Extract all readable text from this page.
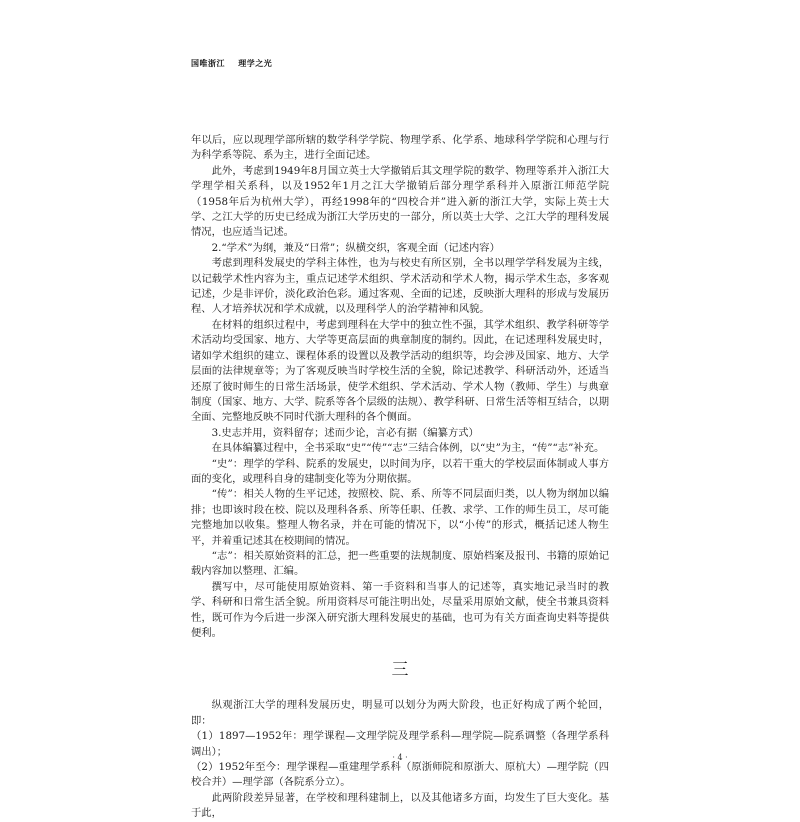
国唯浙江 理学之光

年以后，应以现理学部所辖的数学科学学院、物理学系、化学系、地球科学学院和心理与行为科学系等院、系为主，进行全面记述。

此外，考虑到1949年8月国立英士大学撤销后其文理学院的数学、物理等系并入浙江大学理学相关系科，以及1952年1月之江大学撤销后部分理学系科并入原浙江师范学院（1958年后为杭州大学），再经1998年的“四校合并”进入新的浙江大学，实际上英士大学、之江大学的历史已经成为浙江大学历史的一部分，所以英士大学、之江大学的理科发展情况，也应适当记述。

2.“学术”为纲，兼及“日常”；纵横交织，客观全面（记述内容）

考虑到理科发展史的学科主体性，也为与校史有所区别，全书以理学学科发展为主线，以记载学术性内容为主，重点记述学术组织、学术活动和学术人物，揭示学术生态，多客观记述，少是非评价，淡化政治色彩。通过客观、全面的记述，反映浙大理科的形成与发展历程、人才培养状况和学术成就，以及理科学人的治学精神和风貌。

在材料的组织过程中，考虑到理科在大学中的独立性不强，其学术组织、教学科研等学术活动均受国家、地方、大学等更高层面的典章制度的制约。因此，在记述理科发展史时，诸如学术组织的建立、课程体系的设置以及教学活动的组织等，均会涉及国家、地方、大学层面的法律规章等；为了客观反映当时学校生活的全貌，除记述教学、科研活动外，还适当还原了彼时师生的日常生活场景，使学术组织、学术活动、学术人物（教师、学生）与典章制度（国家、地方、大学、院系等各个层级的法规）、教学科研、日常生活等相互结合，以期全面、完整地反映不同时代浙大理科的各个侧面。

3.史志并用，资料留存；述而少论，言必有据（编纂方式）

在具体编纂过程中，全书采取“史”“传”“志”三结合体例，以“史”为主，“传”“志”补充。

“史”：理学的学科、院系的发展史，以时间为序，以若干重大的学校层面体制或人事方面的变化，或理科自身的建制变化等为分期依据。

“传”：相关人物的生平记述，按照校、院、系、所等不同层面归类，以人物为纲加以编排；也即该时段在校、院以及理科各系、所等任职、任教、求学、工作的师生员工，尽可能完整地加以收集。整理人物名录，并在可能的情况下，以“小传”的形式，概括记述人物生平，并着重记述其在校期间的情况。

“志”：相关原始资料的汇总，把一些重要的法规制度、原始档案及报刊、书籍的原始记载内容加以整理、汇编。

撰写中，尽可能使用原始资料、第一手资料和当事人的记述等，真实地记录当时的教学、科研和日常生活全貌。所用资料尽可能注明出处，尽量采用原始文献，使全书兼具资料性，既可作为今后进一步深入研究浙大理科发展史的基础，也可为有关方面查询史料等提供便利。

三

纵观浙江大学的理科发展历史，明显可以划分为两大阶段，也正好构成了两个轮回，即：

（1）1897—1952年：理学课程—文理学院及理学系科—理学院—院系调整（各理学系科调出）；

（2）1952年至今：理学课程—重建理学系科（原浙师院和原浙大、原杭大）—理学院（四校合并）—理学部（各院系分立）。

此两阶段差异显著，在学校和理科建制上，以及其他诸多方面，均发生了巨大变化。基于此，

· 4 ·
